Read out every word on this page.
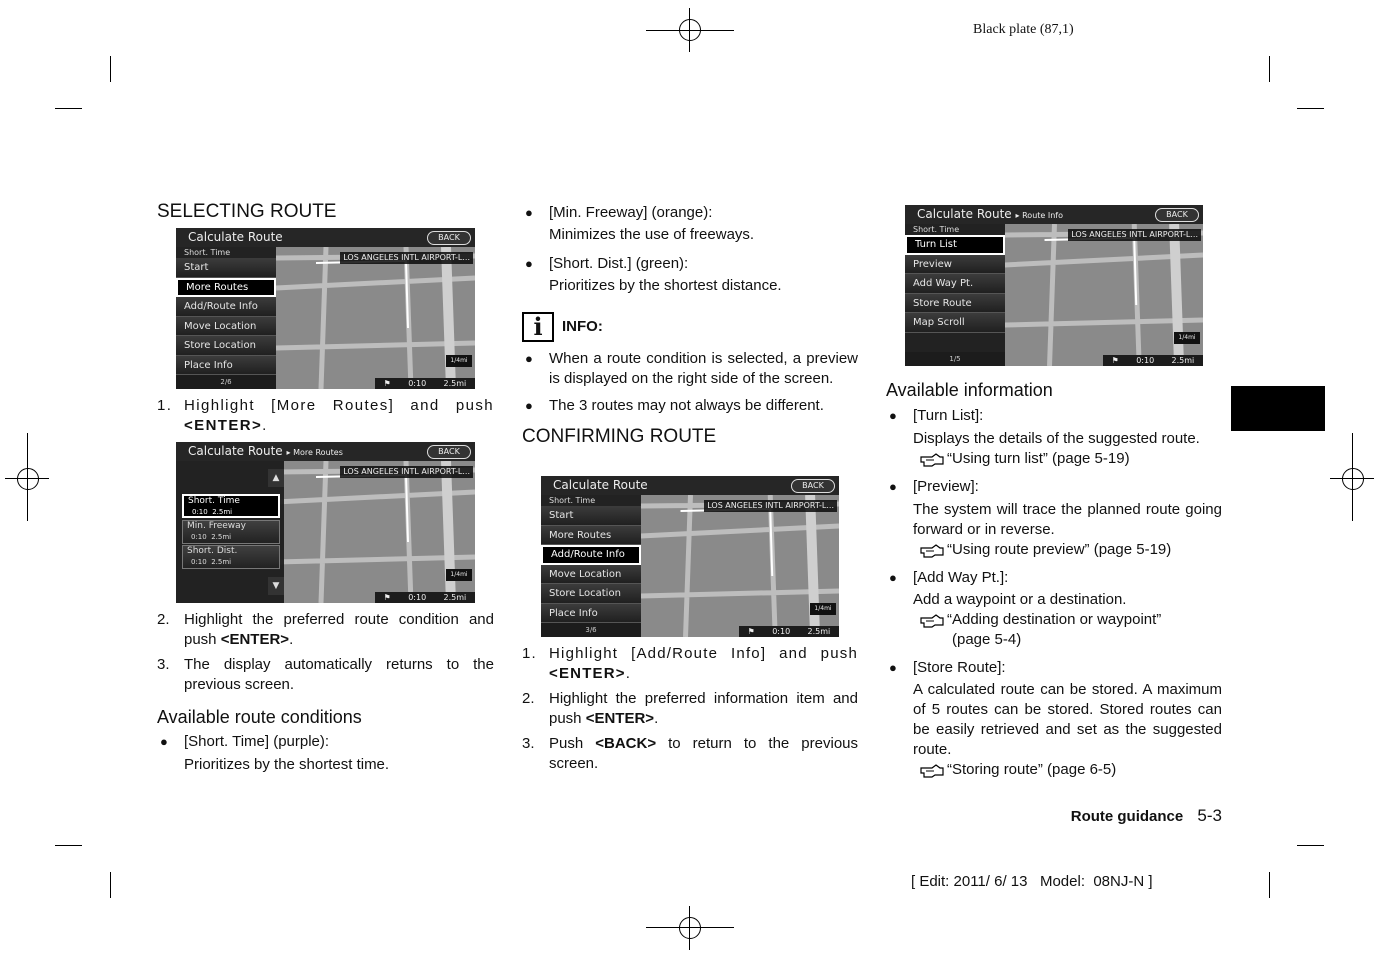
Black plate (87,1)
SELECTING ROUTE
Calculate Route	BACK
LOS ANGELES INTL AIRPORT-L...
Short. Time
Start
More Routes
Add/Route Info
Move Location
Store Location
Place Info
2/6
1/4mi
⚑ 0:10 2.5mi
1. Highlight [More Routes] and push <ENTER>.
Calculate Route ▸ More Routes	BACK
LOS ANGELES INTL AIRPORT-L...
Short. Time
0:10 2.5mi
Min. Freeway
0:10 2.5mi
Short. Dist.
0:10 2.5mi
▲
▼
1/4mi
⚑ 0:10 2.5mi
2. Highlight the preferred route condition and push <ENTER>.
3. The display automatically returns to the previous screen.
Available route conditions
● [Short. Time] (purple):
Prioritizes by the shortest time.
● [Min. Freeway] (orange):
Minimizes the use of freeways.
● [Short. Dist.] (green):
Prioritizes by the shortest distance.
i	INFO:
● When a route condition is selected, a preview is displayed on the right side of the screen.
● The 3 routes may not always be different.
CONFIRMING ROUTE
Calculate Route	BACK
LOS ANGELES INTL AIRPORT-L...
Short. Time
Start
More Routes
Add/Route Info
Move Location
Store Location
Place Info
3/6
1/4mi
⚑ 0:10 2.5mi
1. Highlight [Add/Route Info] and push <ENTER>.
2. Highlight the preferred information item and push <ENTER>.
3. Push <BACK> to return to the previous screen.
Calculate Route ▸ Route Info	BACK
LOS ANGELES INTL AIRPORT-L...
Short. Time
Turn List
Preview
Add Way Pt.
Store Route
Map Scroll
1/5
1/4mi
⚑ 0:10 2.5mi
Available information
● [Turn List]:
Displays the details of the suggested route.
“Using turn list” (page 5-19)
● [Preview]:
The system will trace the planned route going forward or in reverse.
“Using route preview” (page 5-19)
● [Add Way Pt.]:
Add a waypoint or a destination.
“Adding destination or waypoint”
(page 5-4)
● [Store Route]:
A calculated route can be stored. A maximum of 5 routes can be stored. Stored routes can be easily retrieved and set as the suggested route.
“Storing route” (page 6-5)
Route guidance 5-3
[ Edit: 2011/ 6/ 13   Model:  08NJ-N ]
